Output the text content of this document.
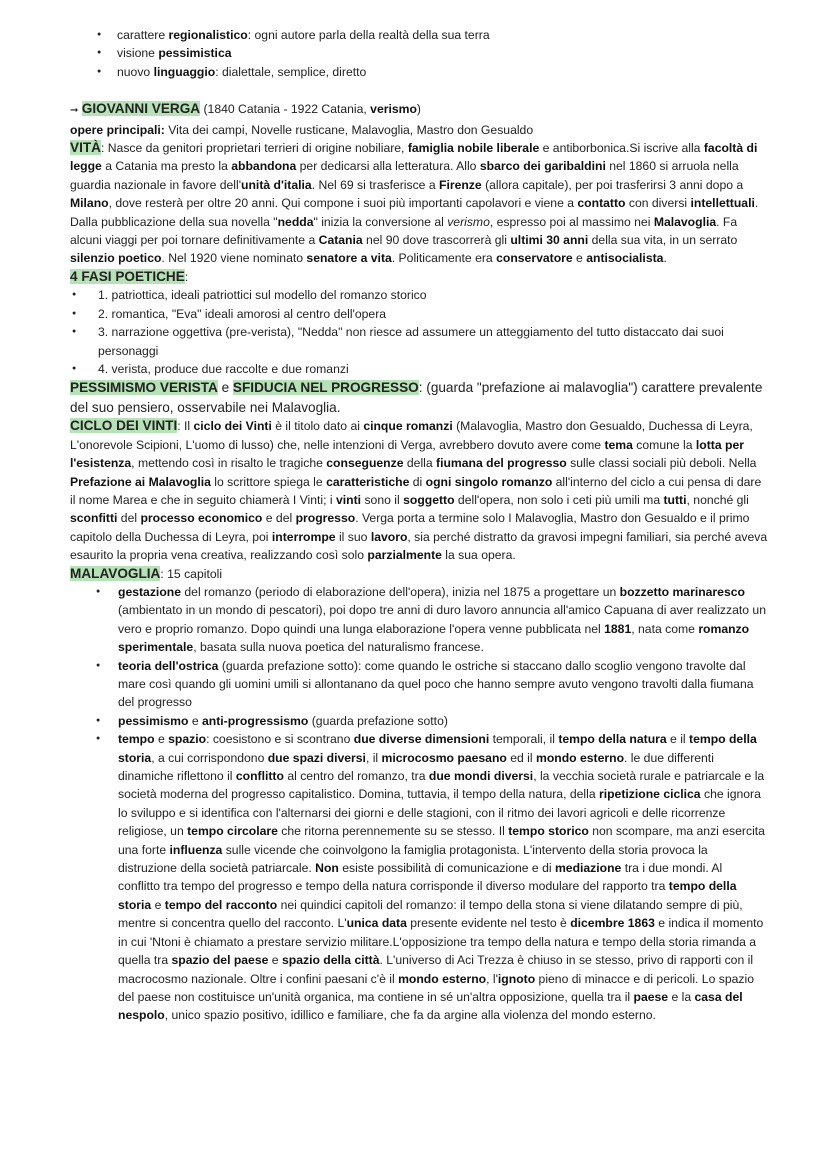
● carattere regionalistico: ogni autore parla della realtà della sua terra
● visione pessimistica
● nuovo linguaggio: dialettale, semplice, diretto
➞ GIOVANNI VERGA (1840 Catania - 1922 Catania, verismo)
opere principali: Vita dei campi, Novelle rusticane, Malavoglia, Mastro don Gesualdo
VITÀ: Nasce da genitori proprietari terrieri di origine nobiliare, famiglia nobile liberale e antiborbonica.Si iscrive alla facoltà di legge a Catania ma presto la abbandona per dedicarsi alla letteratura. Allo sbarco dei garibaldini nel 1860 si arruola nella guardia nazionale in favore dell'unità d'italia. Nel 69 si trasferisce a Firenze (allora capitale), per poi trasferirsi 3 anni dopo a Milano, dove resterà per oltre 20 anni. Qui compone i suoi più importanti capolavori e viene a contatto con diversi intellettuali. Dalla pubblicazione della sua novella "nedda" inizia la conversione al verismo, espresso poi al massimo nei Malavoglia. Fa alcuni viaggi per poi tornare definitivamente a Catania nel 90 dove trascorrerà gli ultimi 30 anni della sua vita, in un serrato silenzio poetico. Nel 1920 viene nominato senatore a vita. Politicamente era conservatore e antisocialista.
4 FASI POETICHE:
● 1. patriottica, ideali patriottici sul modello del romanzo storico
● 2. romantica, "Eva" ideali amorosi al centro dell'opera
● 3. narrazione oggettiva (pre-verista), "Nedda" non riesce ad assumere un atteggiamento del tutto distaccato dai suoi personaggi
● 4. verista, produce due raccolte e due romanzi
PESSIMISMO VERISTA e SFIDUCIA NEL PROGRESSO: (guarda "prefazione ai malavoglia") carattere prevalente del suo pensiero, osservabile nei Malavoglia.
CICLO DEI VINTI: Il ciclo dei Vinti è il titolo dato ai cinque romanzi (Malavoglia, Mastro don Gesualdo, Duchessa di Leyra, L'onorevole Scipioni, L'uomo di lusso) che, nelle intenzioni di Verga, avrebbero dovuto avere come tema comune la lotta per l'esistenza, mettendo così in risalto le tragiche conseguenze della fiumana del progresso sulle classi sociali più deboli. Nella Prefazione ai Malavoglia lo scrittore spiega le caratteristiche di ogni singolo romanzo all'interno del ciclo a cui pensa di dare il nome Marea e che in seguito chiamerà I Vinti; i vinti sono il soggetto dell'opera, non solo i ceti più umili ma tutti, nonché gli sconfitti del processo economico e del progresso. Verga porta a termine solo I Malavoglia, Mastro don Gesualdo e il primo capitolo della Duchessa di Leyra, poi interrompe il suo lavoro, sia perché distratto da gravosi impegni familiari, sia perché aveva esaurito la propria vena creativa, realizzando così solo parzialmente la sua opera.
MALAVOGLIA: 15 capitoli
● gestazione del romanzo (periodo di elaborazione dell'opera), inizia nel 1875 a progettare un bozzetto marinaresco (ambientato in un mondo di pescatori), poi dopo tre anni di duro lavoro annuncia all'amico Capuana di aver realizzato un vero e proprio romanzo. Dopo quindi una lunga elaborazione l'opera venne pubblicata nel 1881, nata come romanzo sperimentale, basata sulla nuova poetica del naturalismo francese.
● teoria dell'ostrica (guarda prefazione sotto): come quando le ostriche si staccano dallo scoglio vengono travolte dal mare così quando gli uomini umili si allontanano da quel poco che hanno sempre avuto vengono travolti dalla fiumana del progresso
● pessimismo e anti-progressismo (guarda prefazione sotto)
● tempo e spazio: coesistono e si scontrano due diverse dimensioni temporali, il tempo della natura e il tempo della storia, a cui corrispondono due spazi diversi, il microcosmo paesano ed il mondo esterno. le due differenti dinamiche riflettono il conflitto al centro del romanzo, tra due mondi diversi, la vecchia società rurale e patriarcale e la società moderna del progresso capitalistico. Domina, tuttavia, il tempo della natura, della ripetizione ciclica che ignora lo sviluppo e si identifica con l'alternarsi dei giorni e delle stagioni, con il ritmo dei lavori agricoli e delle ricorrenze religiose, un tempo circolare che ritorna perennemente su se stesso. Il tempo storico non scompare, ma anzi esercita una forte influenza sulle vicende che coinvolgono la famiglia protagonista. L'intervento della storia provoca la distruzione della società patriarcale. Non esiste possibilità di comunicazione e di mediazione tra i due mondi. Al conflitto tra tempo del progresso e tempo della natura corrisponde il diverso modulare del rapporto tra tempo della storia e tempo del racconto nei quindici capitoli del romanzo: il tempo della stona si viene dilatando sempre di più, mentre si concentra quello del racconto. L'unica data presente evidente nel testo è dicembre 1863 e indica il momento in cui 'Ntoni è chiamato a prestare servizio militare.L'opposizione tra tempo della natura e tempo della storia rimanda a quella tra spazio del paese e spazio della città. L'universo di Aci Trezza è chiuso in se stesso, privo di rapporti con il macrocosmo nazionale. Oltre i confini paesani c'è il mondo esterno, l'ignoto pieno di minacce e di pericoli. Lo spazio del paese non costituisce un'unità organica, ma contiene in sé un'altra opposizione, quella tra il paese e la casa del nespolo, unico spazio positivo, idillico e familiare, che fa da argine alla violenza del mondo esterno.
